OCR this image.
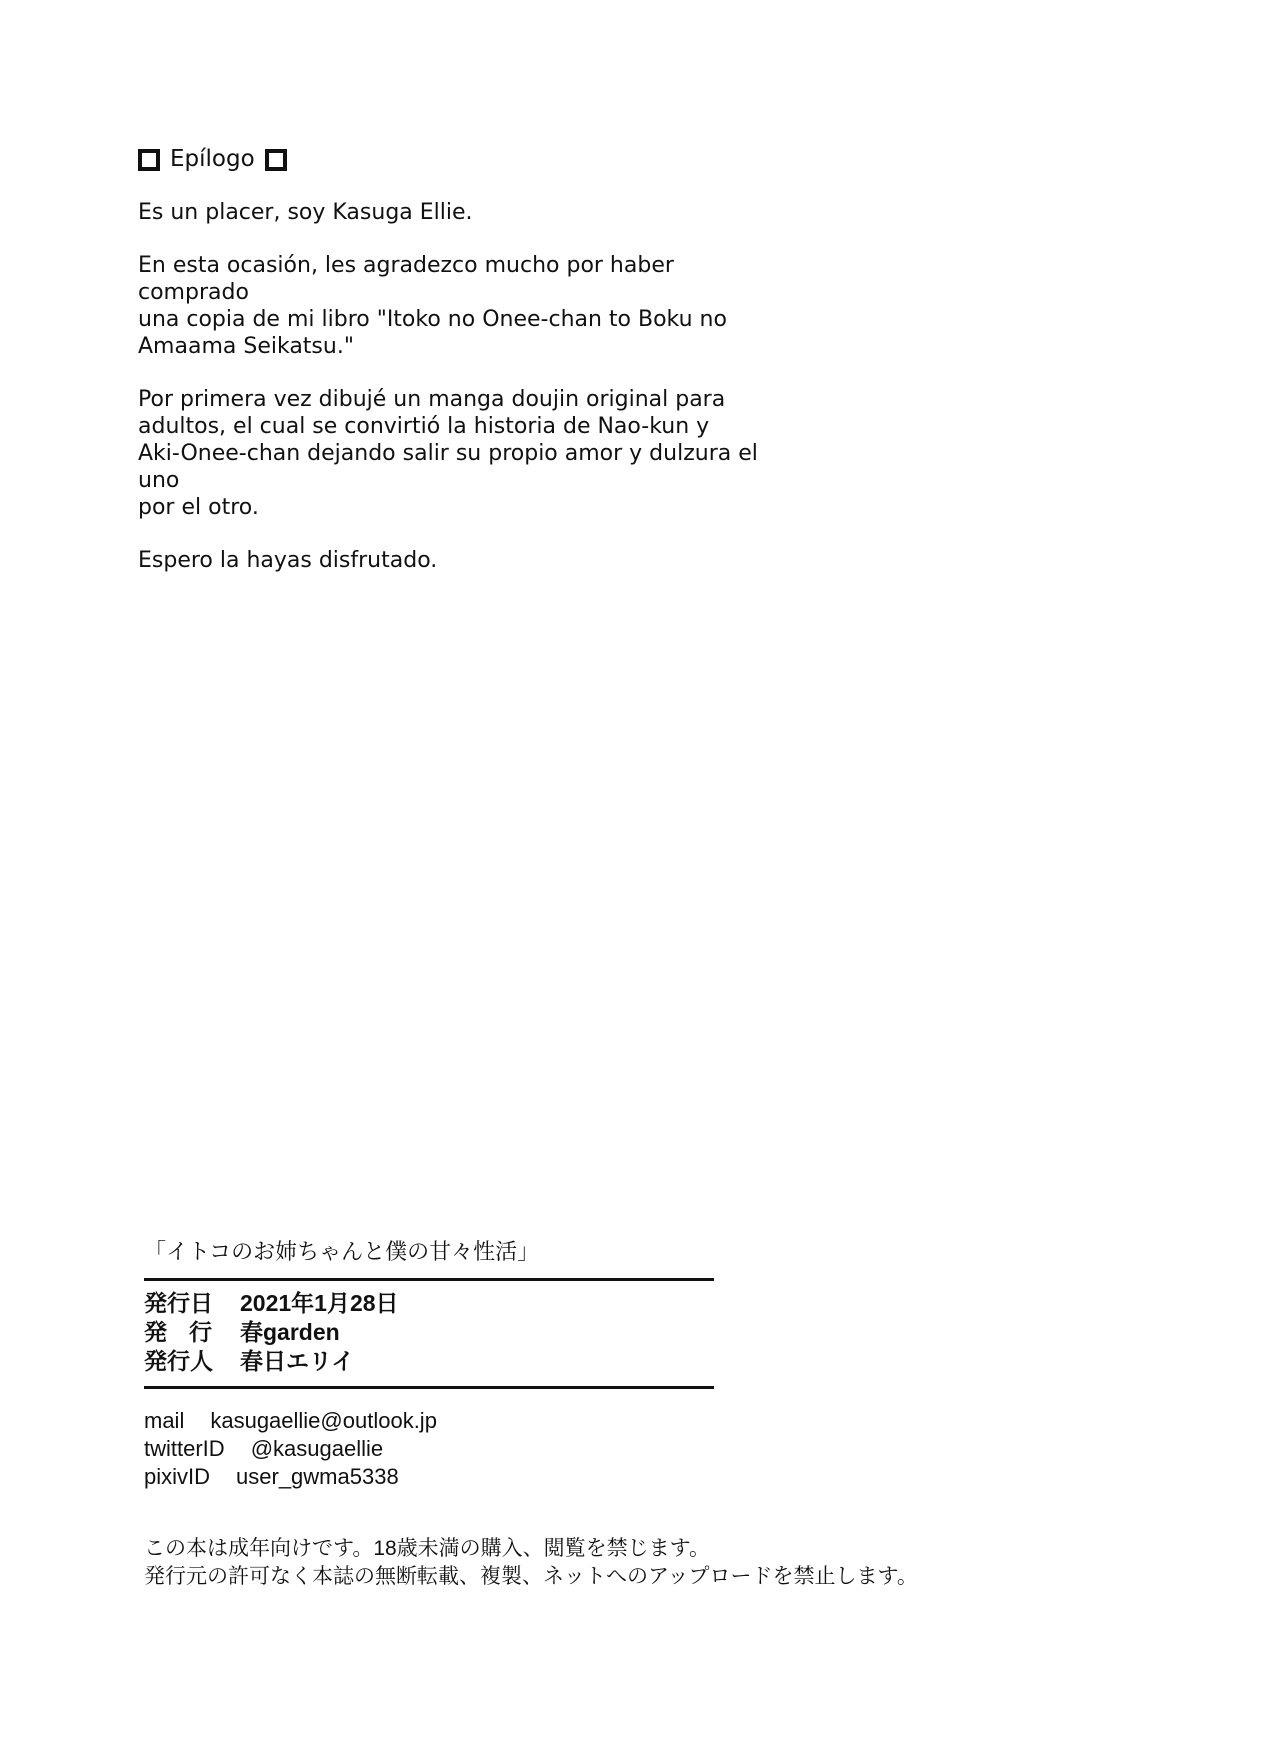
Epílogo

Es un placer, soy Kasuga Ellie.

En esta ocasión, les agradezco mucho por haber comprado
una copia de mi libro "Itoko no Onee-chan to Boku no
Amaama Seikatsu."

Por primera vez dibujé un manga doujin original para
adultos, el cual se convirtió la historia de Nao-kun y
Aki-Onee-chan dejando salir su propio amor y dulzura el uno
por el otro.

Espero la hayas disfrutado.

「イトコのお姉ちゃんと僕の甘々性活」
発行日	2021年1月28日
発行 春garden
発行人	春日エリイ
mail kasugaellie@outlook.jp
twitterID @kasugaellie
pixivID user_gwma5338
この本は成年向けです。18歳未満の購入、閲覧を禁じます。
発行元の許可なく本誌の無断転載、複製、ネットへのアップロードを禁止します。
